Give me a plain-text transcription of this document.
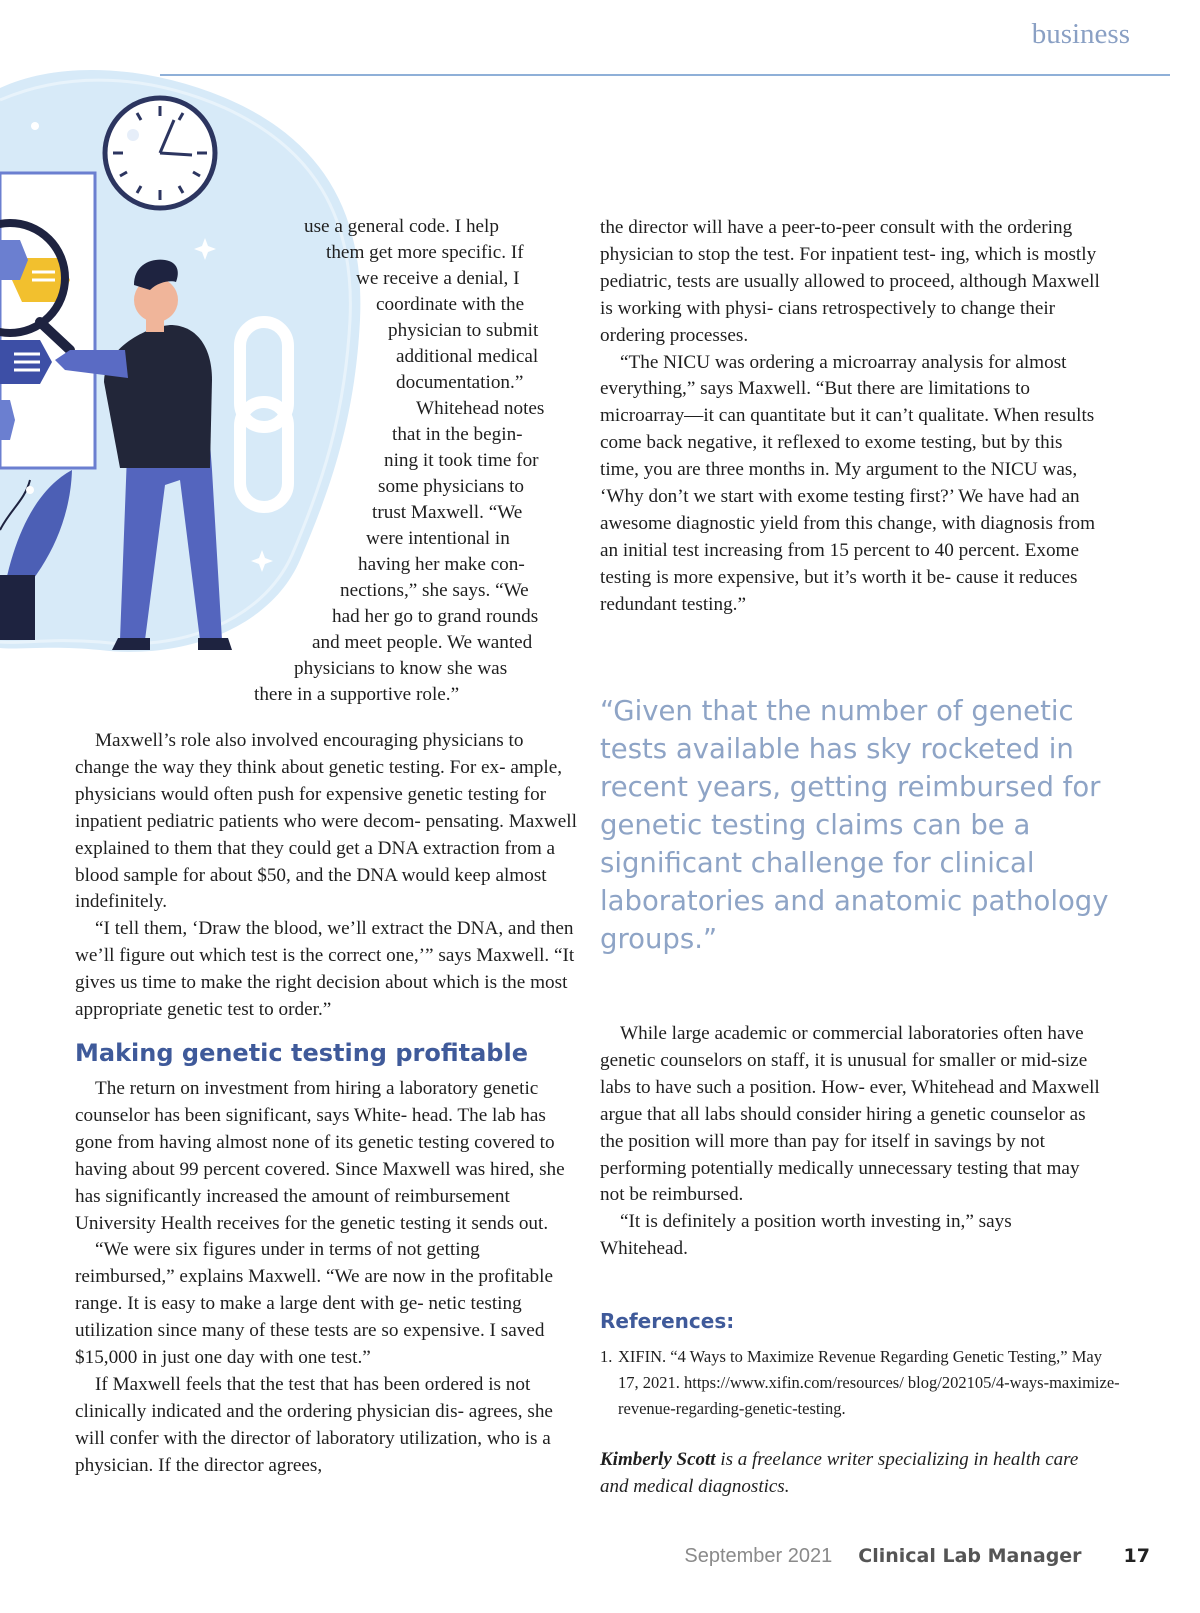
business
use a general code. I help
them get more specific. If
we receive a denial, I
coordinate with the
physician to submit
additional medical
documentation.”
Whitehead notes
that in the begin-
ning it took time for
some physicians to
trust Maxwell. “We
were intentional in
having her make con-
nections,” she says. “We
had her go to grand rounds
and meet people. We wanted
physicians to know she was
there in a supportive role.”

Maxwell’s role also involved encouraging physicians to change the way they think about genetic testing. For ex- ample, physicians would often push for expensive genetic testing for inpatient pediatric patients who were decom- pensating. Maxwell explained to them that they could get a DNA extraction from a blood sample for about $50, and the DNA would keep almost indefinitely.

“I tell them, ‘Draw the blood, we’ll extract the DNA, and then we’ll figure out which test is the correct one,’” says Maxwell. “It gives us time to make the right decision about which is the most appropriate genetic test to order.”

Making genetic testing profitable

The return on investment from hiring a laboratory genetic counselor has been significant, says White- head. The lab has gone from having almost none of its genetic testing covered to having about 99 percent covered. Since Maxwell was hired, she has significantly increased the amount of reimbursement University Health receives for the genetic testing it sends out.

“We were six figures under in terms of not getting reimbursed,” explains Maxwell. “We are now in the profitable range. It is easy to make a large dent with ge- netic testing utilization since many of these tests are so expensive. I saved $15,000 in just one day with one test.”

If Maxwell feels that the test that has been ordered is not clinically indicated and the ordering physician dis- agrees, she will confer with the director of laboratory utilization, who is a physician. If the director agrees,

the director will have a peer-to-peer consult with the ordering physician to stop the test. For inpatient test- ing, which is mostly pediatric, tests are usually allowed to proceed, although Maxwell is working with physi- cians retrospectively to change their ordering processes.

“The NICU was ordering a microarray analysis for almost everything,” says Maxwell. “But there are limitations to microarray—it can quantitate but it can’t qualitate. When results come back negative, it reflexed to exome testing, but by this time, you are three months in. My argument to the NICU was, ‘Why don’t we start with exome testing first?’ We have had an awesome diagnostic yield from this change, with diagnosis from an initial test increasing from 15 percent to 40 percent. Exome testing is more expensive, but it’s worth it be- cause it reduces redundant testing.”

“Given that the number of genetic tests available has sky rocketed in recent years, getting reimbursed for genetic testing claims can be a significant challenge for clinical laboratories and anatomic pathology groups.”

While large academic or commercial laboratories often have genetic counselors on staff, it is unusual for smaller or mid-size labs to have such a position. How- ever, Whitehead and Maxwell argue that all labs should consider hiring a genetic counselor as the position will more than pay for itself in savings by not performing potentially medically unnecessary testing that may not be reimbursed.

“It is definitely a position worth investing in,” says Whitehead.

References:
1. XIFIN. “4 Ways to Maximize Revenue Regarding Genetic Testing,” May 17, 2021. https://www.xifin.com/resources/ blog/202105/4-ways-maximize-revenue-regarding-genetic-testing.
Kimberly Scott is a freelance writer specializing in health care and medical diagnostics.
September 2021 Clinical Lab Manager 17
